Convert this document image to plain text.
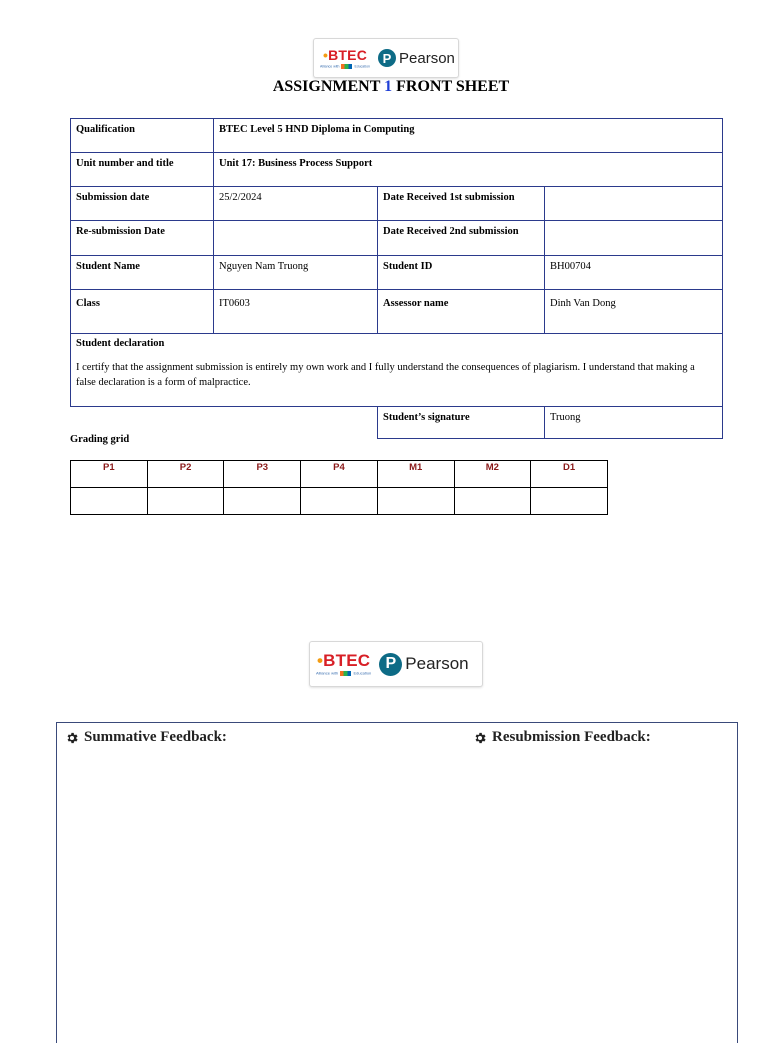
•BTEC
Alliance with	Education
P Pearson
ASSIGNMENT 1 FRONT SHEET
Qualification	BTEC Level 5 HND Diploma in Computing		
Unit number and title	Unit 17: Business Process Support		
Submission date	25/2/2024	Date Received 1st submission	
Re-submission Date		Date Received 2nd submission	
Student Name	Nguyen Nam Truong	Student ID	BH00704
Class	IT0603	Assessor name	Dinh Van Dong

Student declaration
I certify that the assignment submission is entirely my own work and I fully understand the consequences of plagiarism. I understand that making a false declaration is a form of malpractice.			

		Student’s signature	Truong
Grading grid
P1	P2	P3	P4	M1	M2	D1

•BTEC
Alliance with	Education
P Pearson
Summative Feedback:	Resubmission Feedback:
